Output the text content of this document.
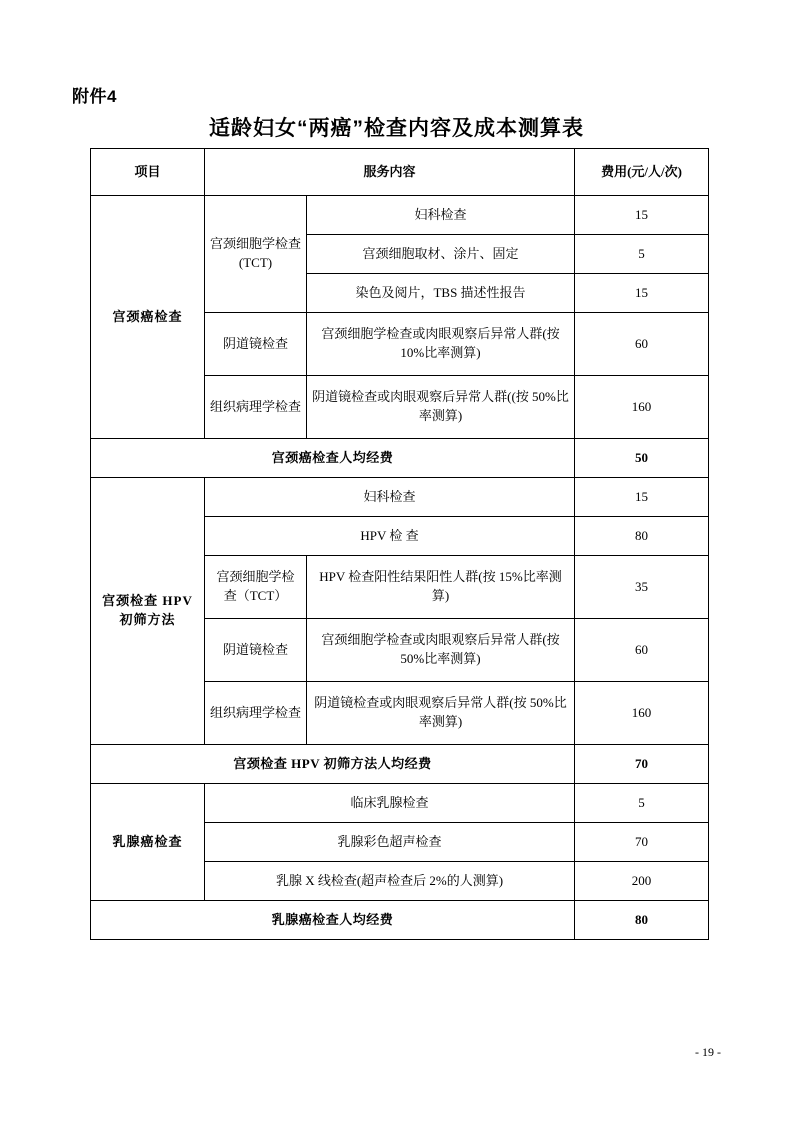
附件4
适龄妇女“两癌”检查内容及成本测算表
项目	服务内容		费用(元/人/次)
宫颈癌检查	宫颈细胞学检查(TCT)	妇科检查	15
		宫颈细胞取材、涂片、固定	5
		染色及阅片，TBS 描述性报告	15
	阴道镜检查	宫颈细胞学检查或肉眼观察后异常人群(按 10%比率测算)	60
	组织病理学检查	阴道镜检查或肉眼观察后异常人群((按 50%比率测算)	160
宫颈癌检查人均经费			50
宫颈检查 HPV 初筛方法	妇科检查		15
	HPV 检 查		80
	宫颈细胞学检 查（TCT）	HPV 检查阳性结果阳性人群(按 15%比率测算)	35
	阴道镜检查	宫颈细胞学检查或肉眼观察后异常人群(按 50%比率测算)	60
	组织病理学检查	阴道镜检查或肉眼观察后异常人群(按 50%比率测算)	160
宫颈检查 HPV 初筛方法人均经费			70
乳腺癌检查	临床乳腺检查		5
	乳腺彩色超声检查		70
	乳腺 X 线检查(超声检查后 2%的人测算)		200
乳腺癌检查人均经费			80
- 19 -
